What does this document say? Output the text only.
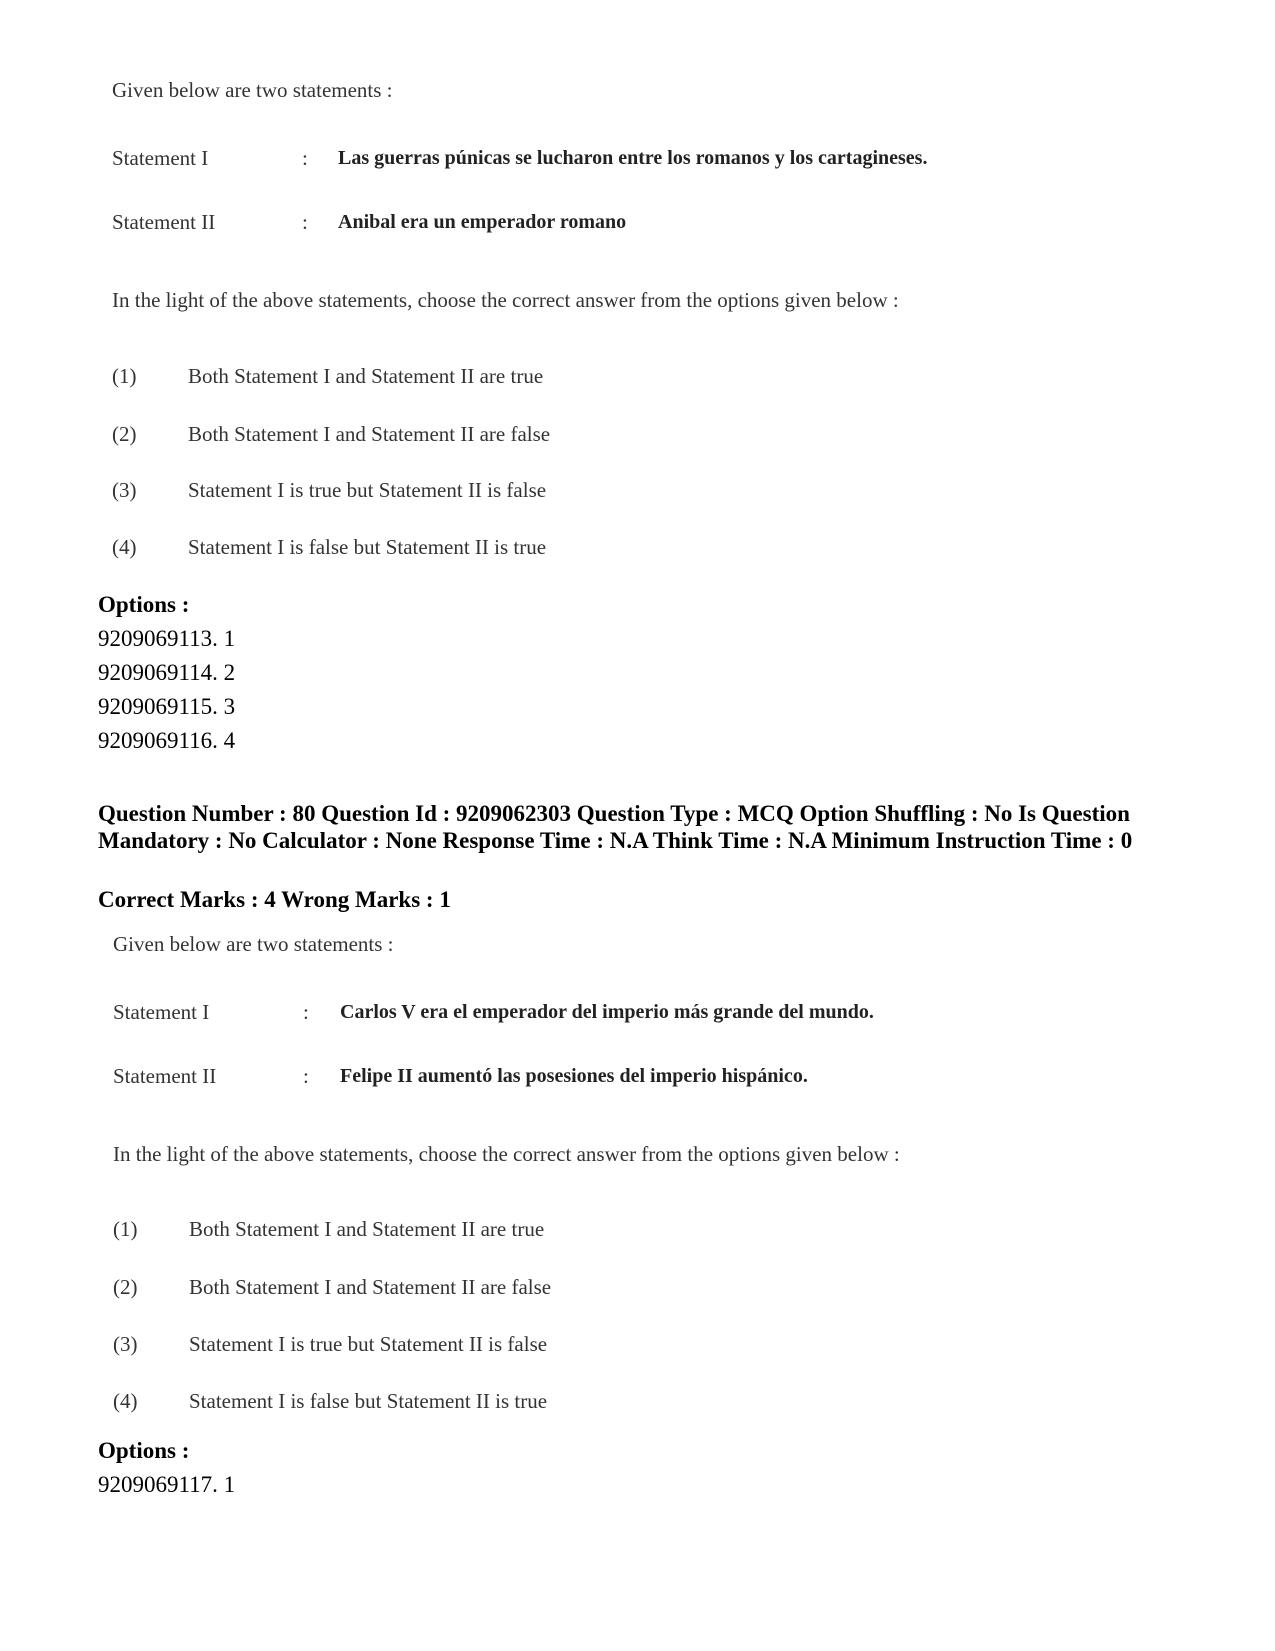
Given below are two statements :
Statement I	: Las guerras púnicas se lucharon entre los romanos y los cartagineses.
Statement II	: Anibal era un emperador romano
In the light of the above statements, choose the correct answer from the options given below :
(1) Both Statement I and Statement II are true
(2) Both Statement I and Statement II are false
(3) Statement I is true but Statement II is false
(4) Statement I is false but Statement II is true
Options :
9209069113. 1
9209069114. 2
9209069115. 3
9209069116. 4
Question Number : 80 Question Id : 9209062303 Question Type : MCQ Option Shuffling : No Is Question Mandatory : No Calculator : None Response Time : N.A Think Time : N.A Minimum Instruction Time : 0
Correct Marks : 4 Wrong Marks : 1
Given below are two statements :
Statement I	: Carlos V era el emperador del imperio más grande del mundo.
Statement II	: Felipe II aumentó las posesiones del imperio hispánico.
In the light of the above statements, choose the correct answer from the options given below :
(1) Both Statement I and Statement II are true
(2) Both Statement I and Statement II are false
(3) Statement I is true but Statement II is false
(4) Statement I is false but Statement II is true
Options :
9209069117. 1
